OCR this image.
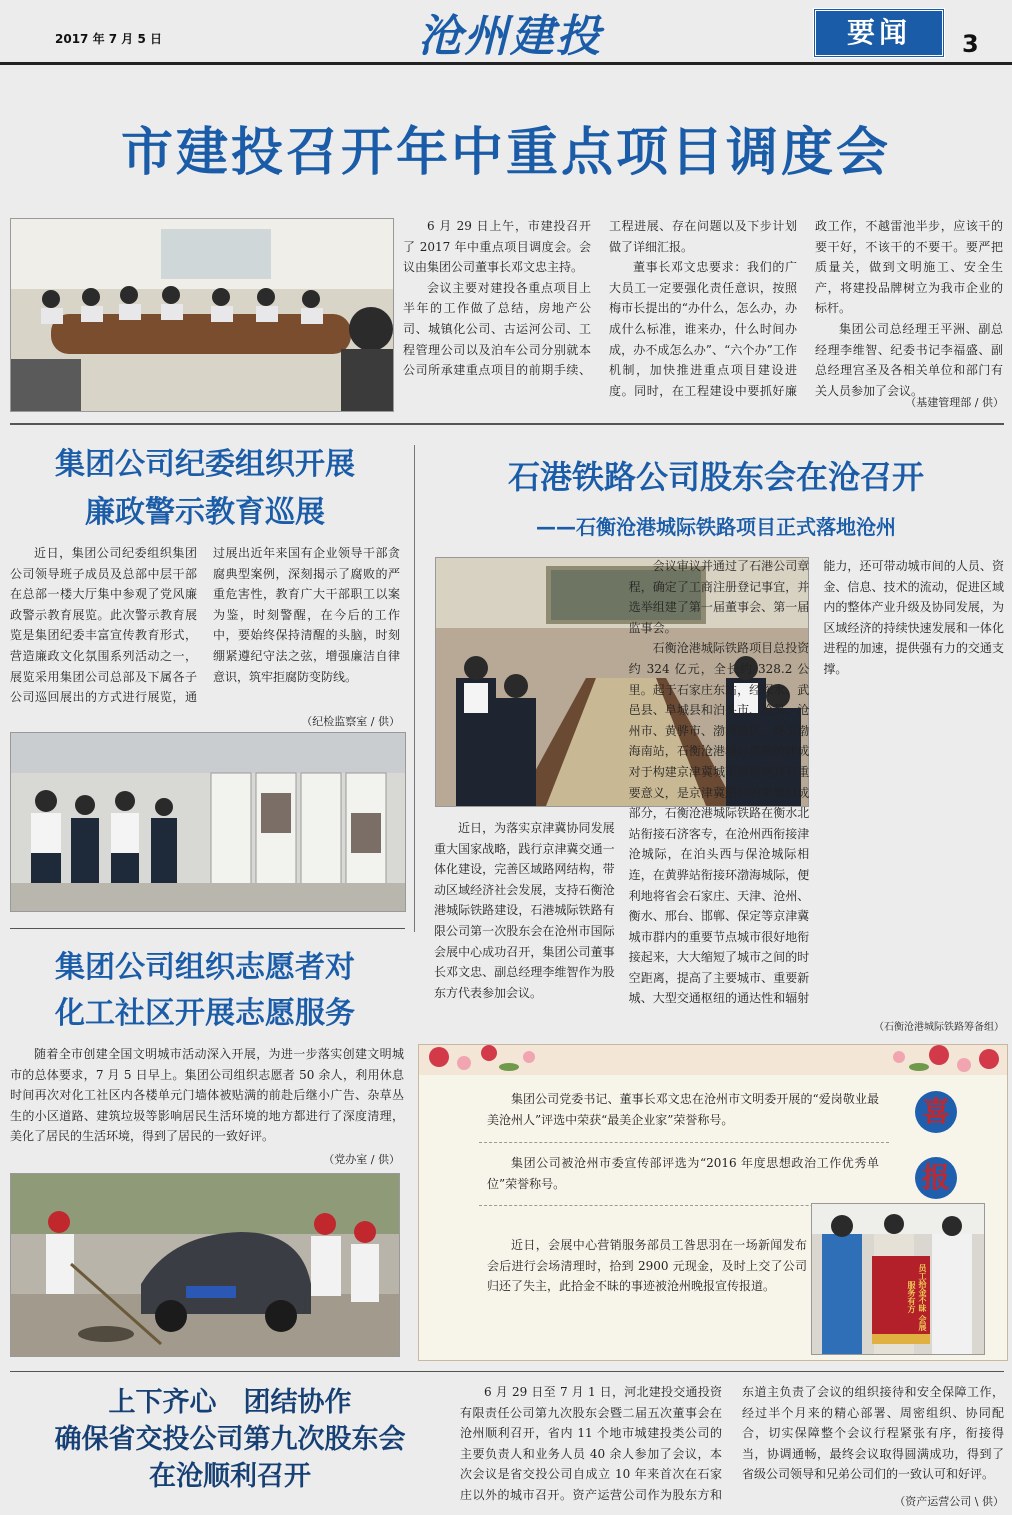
2017 年 7 月 5 日	沧州建投	要闻	3
市建投召开年中重点项目调度会

6 月 29 日上午，市建投召开了 2017 年中重点项目调度会。会议由集团公司董事长邓文忠主持。

会议主要对建投各重点项目上半年的工作做了总结，房地产公司、城镇化公司、古运河公司、工程管理公司以及泊车公司分别就本公司所承建重点项目的前期手续、工程进展、存在问题以及下步计划做了详细汇报。

董事长邓文忠要求：我们的广大员工一定要强化责任意识，按照梅市长提出的“办什么，怎么办，办成什么标准，谁来办，什么时间办成，办不成怎么办”、“六个办”工作机制，加快推进重点项目建设进度。同时，在工程建设中要抓好廉政工作，不越雷池半步，应该干的要干好，不该干的不要干。要严把质量关，做到文明施工、安全生产，将建投品牌树立为我市企业的标杆。

集团公司总经理王平洲、副总经理李维智、纪委书记李福盛、副总经理宫圣及各相关单位和部门有关人员参加了会议。

（基建管理部 / 供）
集团公司纪委组织开展
廉政警示教育巡展

近日，集团公司纪委组织集团公司领导班子成员及总部中层干部在总部一楼大厅集中参观了党风廉政警示教育展览。此次警示教育展览是集团纪委丰富宣传教育形式，营造廉政文化氛围系列活动之一，展览采用集团公司总部及下属各子公司巡回展出的方式进行展览，通过展出近年来国有企业领导干部贪腐典型案例，深刻揭示了腐败的严重危害性，教育广大干部职工以案为鉴，时刻警醒，在今后的工作中，要始终保持清醒的头脑，时刻绷紧遵纪守法之弦，增强廉洁自律意识，筑牢拒腐防变防线。

（纪检监察室 / 供）
石港铁路公司股东会在沧召开
——石衡沧港城际铁路项目正式落地沧州

近日，为落实京津冀协同发展重大国家战略，践行京津冀交通一体化建设，完善区域路网结构，带动区域经济社会发展，支持石衡沧港城际铁路建设，石港城际铁路有限公司第一次股东会在沧州市国际会展中心成功召开，集团公司董事长邓文忠、副总经理李维智作为股东方代表参加会议。

会议审议并通过了石港公司章程，确定了工商注册登记事宜，并选举组建了第一届董事会、第一届监事会。

石衡沧港城际铁路项目总投资约 324 亿元，全长约 328.2 公里。起于石家庄东站，经深水、武邑县、阜城县和泊头市、沧县、沧州市、黄骅市、渤海新区，终至渤海南站，石衡沧港城际铁路的建成对于构建京津冀城市群路网具有重要意义，是京津冀路网的重要组成部分，石衡沧港城际铁路在衡水北站衔接石济客专，在沧州西衔接津沧城际，在泊头西与保沧城际相连，在黄骅站衔接环渤海城际，便利地将省会石家庄、天津、沧州、衡水、邢台、邯郸、保定等京津冀城市群内的重要节点城市很好地衔接起来，大大缩短了城市之间的时空距离，提高了主要城市、重要新城、大型交通枢纽的通达性和辐射能力，还可带动城市间的人员、资金、信息、技术的流动，促进区域内的整体产业升级及协同发展，为区域经济的持续快速发展和一体化进程的加速，提供强有力的交通支撑。

（石衡沧港城际铁路筹备组）
集团公司组织志愿者对
化工社区开展志愿服务

随着全市创建全国文明城市活动深入开展，为进一步落实创建文明城市的总体要求，7 月 5 日早上。集团公司组织志愿者 50 余人，利用休息时间再次对化工社区内各楼单元门墙体被贴满的前赴后继小广告、杂草丛生的小区道路、建筑垃圾等影响居民生活环境的地方都进行了深度清理，美化了居民的生活环境，得到了居民的一致好评。

（党办室 / 供）

集团公司党委书记、董事长邓文忠在沧州市文明委开展的“爱岗敬业最美沧州人”评选中荣获“最美企业家”荣誉称号。

集团公司被沧州市委宣传部评选为“2016 年度思想政治工作优秀单位”荣誉称号。

近日，会展中心营销服务部员工昝思羽在一场新闻发布会后进行会场清理时，拾到 2900 元现金，及时上交了公司归还了失主，此拾金不昧的事迹被沧州晚报宣传报道。

喜
报
员工拾金不昧 会展服务有方
上下齐心　团结协作
确保省交投公司第九次股东会
在沧顺利召开

6 月 29 日至 7 月 1 日，河北建投交通投资有限责任公司第九次股东会暨二届五次董事会在沧州顺利召开，省内 11 个地市城建投类公司的主要负责人和业务人员 40 余人参加了会议，本次会议是省交投公司自成立 10 年来首次在石家庄以外的城市召开。资产运营公司作为股东方和东道主负责了会议的组织接待和安全保障工作，经过半个月来的精心部署、周密组织、协同配合，切实保障整个会议行程紧张有序，衔接得当，协调通畅，最终会议取得圆满成功，得到了省级公司领导和兄弟公司们的一致认可和好评。

（资产运营公司 \ 供）
